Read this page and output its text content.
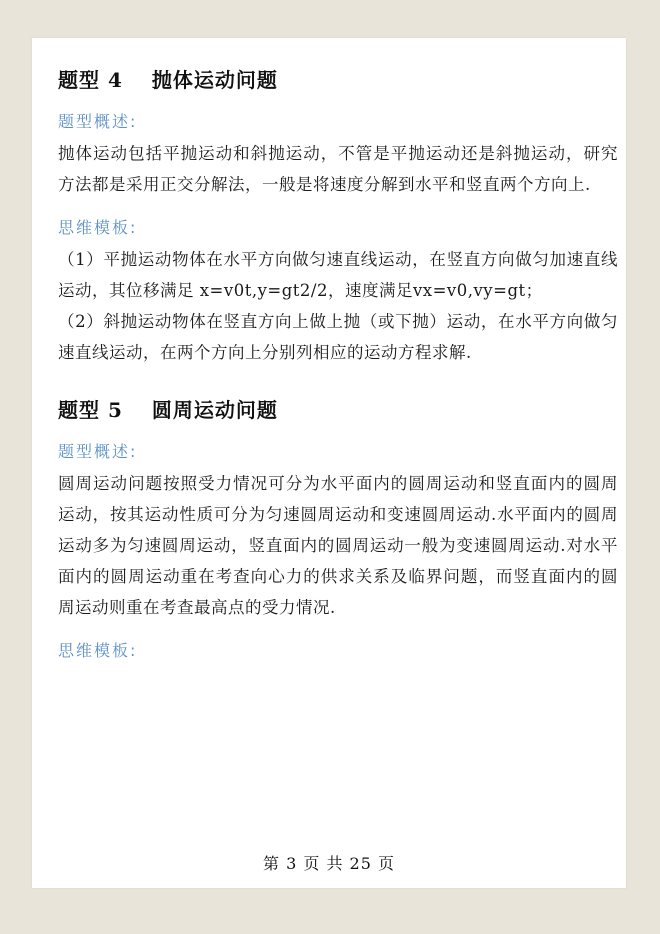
题型 4　 抛体运动问题
题型概述:

抛体运动包括平抛运动和斜抛运动，不管是平抛运动还是斜抛运动，研究方法都是采用正交分解法，一般是将速度分解到水平和竖直两个方向上.

思维模板:

（1）平抛运动物体在水平方向做匀速直线运动，在竖直方向做匀加速直线运动，其位移满足 x=v0t,y=gt2/2，速度满足vx=v0,vy=gt；

（2）斜抛运动物体在竖直方向上做上抛（或下抛）运动，在水平方向做匀速直线运动，在两个方向上分别列相应的运动方程求解.

题型 5　 圆周运动问题
题型概述:

圆周运动问题按照受力情况可分为水平面内的圆周运动和竖直面内的圆周运动，按其运动性质可分为匀速圆周运动和变速圆周运动.水平面内的圆周运动多为匀速圆周运动，竖直面内的圆周运动一般为变速圆周运动.对水平面内的圆周运动重在考查向心力的供求关系及临界问题，而竖直面内的圆周运动则重在考查最高点的受力情况.

思维模板:
第 3 页 共 25 页
